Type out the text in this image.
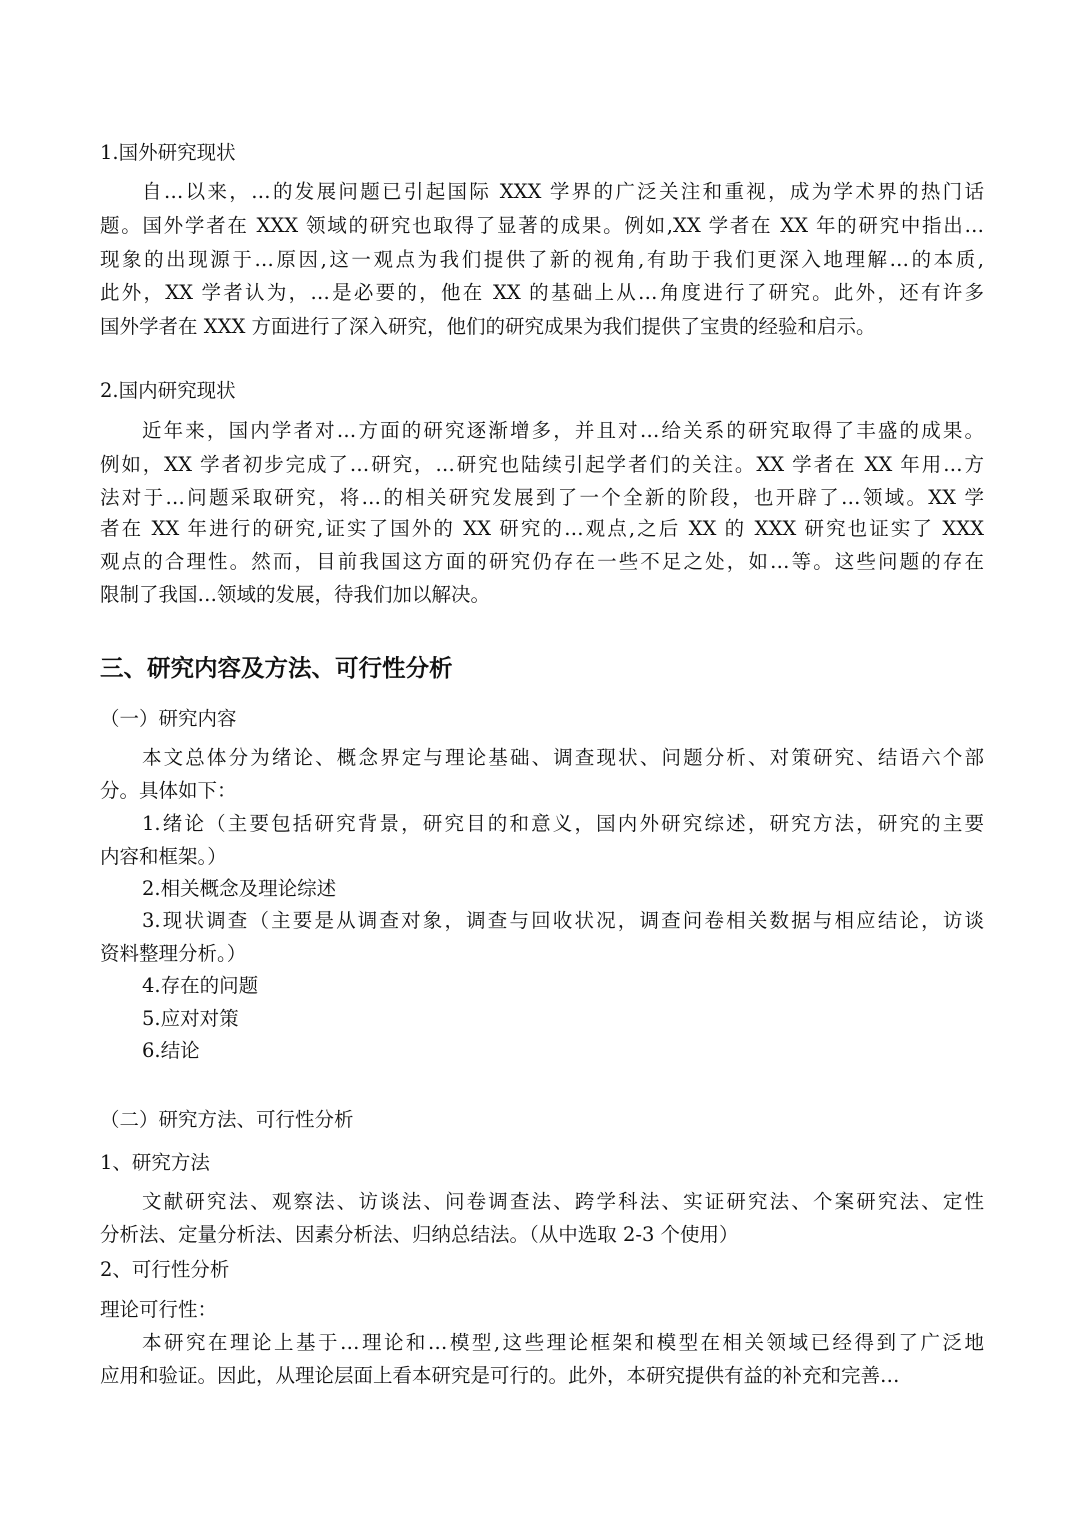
1.国外研究现状
自…以来，…的发展问题已引起国际 XXX 学界的广泛关注和重视，成为学术界的热门话
题。国外学者在 XXX 领域的研究也取得了显著的成果。例如,XX 学者在 XX 年的研究中指出…
现象的出现源于…原因,这一观点为我们提供了新的视角,有助于我们更深入地理解…的本质,
此外，XX 学者认为，…是必要的，他在 XX 的基础上从…角度进行了研究。此外，还有许多
国外学者在 XXX 方面进行了深入研究，他们的研究成果为我们提供了宝贵的经验和启示。
2.国内研究现状
近年来，国内学者对…方面的研究逐渐增多，并且对…给关系的研究取得了丰盛的成果。
例如，XX 学者初步完成了…研究，…研究也陆续引起学者们的关注。XX 学者在 XX 年用…方
法对于…问题采取研究，将…的相关研究发展到了一个全新的阶段，也开辟了…领域。XX 学
者在 XX 年进行的研究,证实了国外的 XX 研究的…观点,之后 XX 的 XXX 研究也证实了 XXX
观点的合理性。然而，目前我国这方面的研究仍存在一些不足之处，如…等。这些问题的存在
限制了我国…领域的发展，待我们加以解决。
三、研究内容及方法、可行性分析
（一）研究内容
本文总体分为绪论、概念界定与理论基础、调查现状、问题分析、对策研究、结语六个部
分。具体如下：
1.绪论（主要包括研究背景，研究目的和意义，国内外研究综述，研究方法，研究的主要
内容和框架。）
2.相关概念及理论综述
3.现状调查（主要是从调查对象，调查与回收状况，调查问卷相关数据与相应结论，访谈
资料整理分析。）
4.存在的问题
5.应对对策
6.结论
（二）研究方法、可行性分析
1、研究方法
文献研究法、观察法、访谈法、问卷调查法、跨学科法、实证研究法、个案研究法、定性
分析法、定量分析法、因素分析法、归纳总结法。（从中选取 2-3 个使用）
2、可行性分析
理论可行性：
本研究在理论上基于…理论和…模型,这些理论框架和模型在相关领域已经得到了广泛地
应用和验证。因此，从理论层面上看本研究是可行的。此外，本研究提供有益的补充和完善…
